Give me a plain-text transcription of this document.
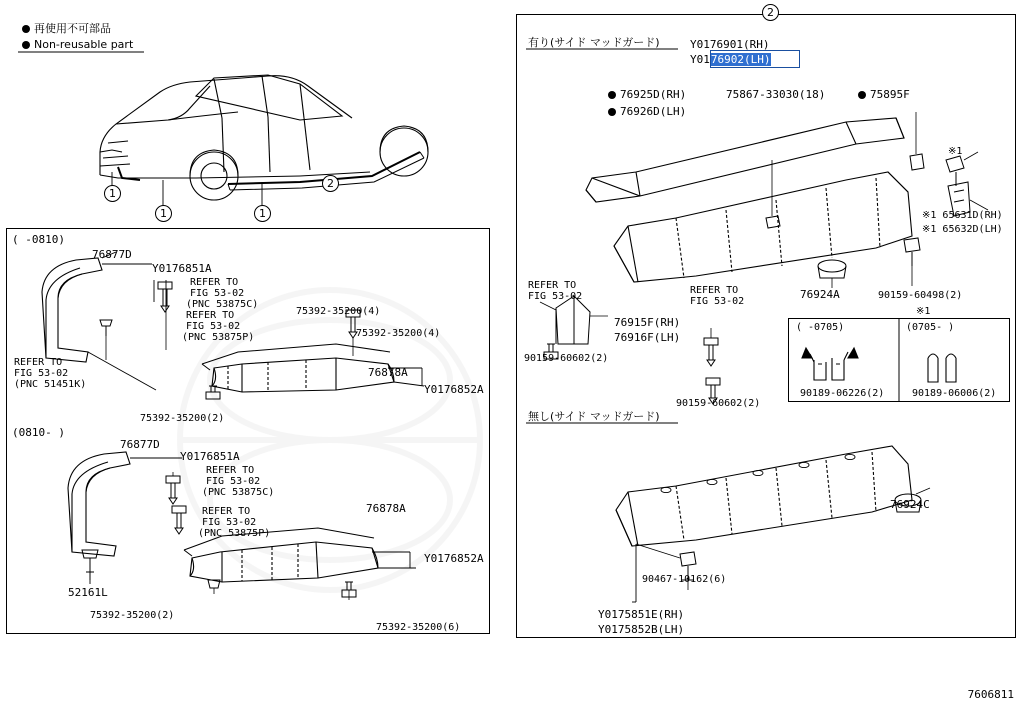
再使用不可部品
Non-reusable part
1
1	1
2
( -0810)
76877D
Y0176851A
REFER TO
FIG 53-02
(PNC 53875C)
REFER TO
FIG 53-02
(PNC 53875P)
REFER TO
FIG 53-02
(PNC 51451K)
75392-35200(4)
75392-35200(4)
75392-35200(2)
76878A
Y0176852A
(0810- )
76877D
Y0176851A
REFER TO
FIG 53-02
(PNC 53875C)
REFER TO
FIG 53-02
(PNC 53875P)
52161L
75392-35200(2)
75392-35200(6)
76878A
Y0176852A
2
有り(サイド マッドガード)	Y0176901(RH)
Y0176902(LH)
76925D(RH)
76926D(LH)
75867-33030(18)	75895F
※1
※1 65631D(RH)
※1 65632D(LH)
76924A	90159-60498(2)
※1
REFER TO
FIG 53-02
REFER TO
FIG 53-02
76915F(RH)
76916F(LH)
90159-60602(2)
90159-60602(2)
( -0705)	(0705- )
90189-06226(2)	90189-06006(2)
無し(サイド マッドガード)
76924C
90467-10162(6)
Y0175851E(RH)
Y0175852B(LH)
7606811
